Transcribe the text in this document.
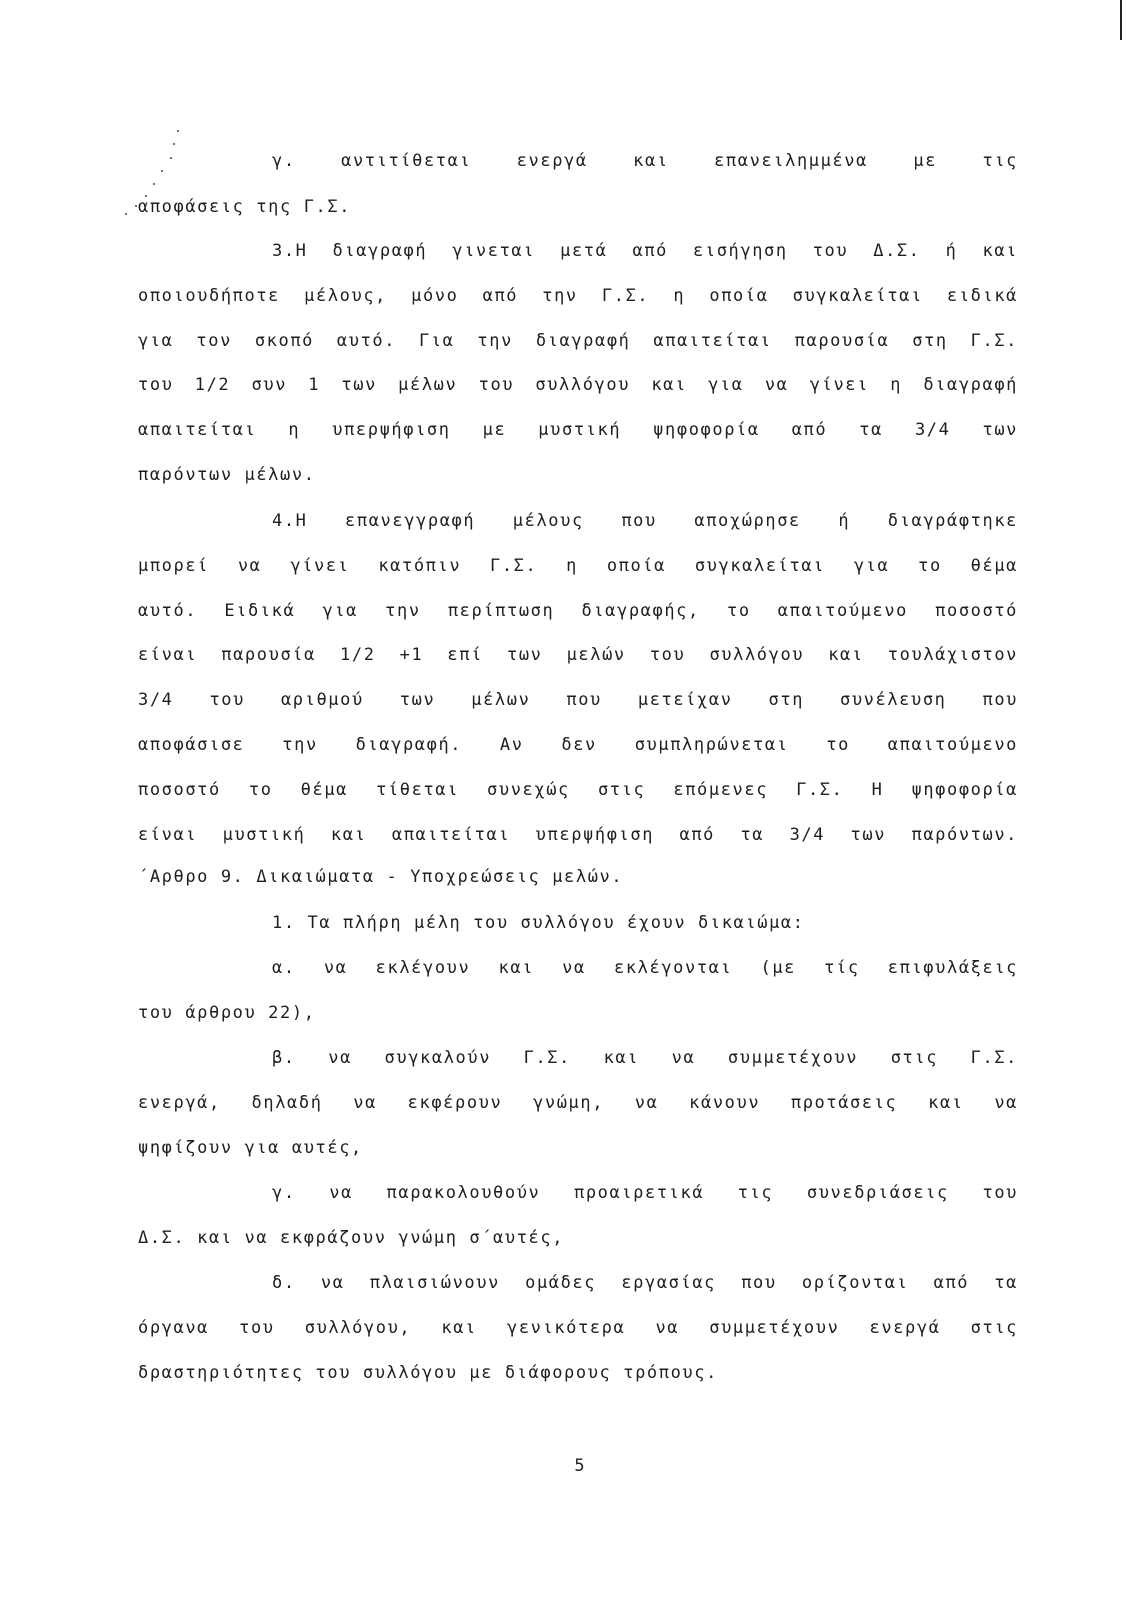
γ. αντιτίθεται ενεργά και επανειλημμένα με τις
αποφάσεις της Γ.Σ.
3.Η διαγραφή γινεται μετά από εισήγηση του Δ.Σ. ή και
οποιουδήποτε μέλους, μόνο από την Γ.Σ. η οποία συγκαλείται ειδικά
για τον σκοπό αυτό. Για την διαγραφή απαιτείται παρουσία στη Γ.Σ.
του 1/2 συν 1 των μέλων του συλλόγου και για να γίνει η διαγραφή
απαιτείται η υπερψήφιση με μυστική ψηφοφορία από τα 3/4 των
παρόντων μέλων.
4.Η επανεγγραφή μέλους που αποχώρησε ή διαγράφτηκε
μπορεί να γίνει κατόπιν Γ.Σ. η οποία συγκαλείται για το θέμα
αυτό. Ειδικά για την περίπτωση διαγραφής, το απαιτούμενο ποσοστό
είναι παρουσία 1/2 +1 επί των μελών του συλλόγου και τουλάχιστον
3/4 του αριθμού των μέλων που μετείχαν στη συνέλευση που
αποφάσισε την διαγραφή. Αν δεν συμπληρώνεται το απαιτούμενο
ποσοστό το θέμα τίθεται συνεχώς στις επόμενες Γ.Σ. Η ψηφοφορία
είναι μυστική και απαιτείται υπερψήφιση από τα 3/4 των παρόντων.
΄Αρθρο 9. Δικαιώματα - Υποχρεώσεις μελών.
1. Τα πλήρη μέλη του συλλόγου έχουν δικαιώμα:
α. να εκλέγουν και να εκλέγονται (με τίς επιφυλάξεις
του άρθρου 22),
β. να συγκαλούν Γ.Σ. και να συμμετέχουν στις Γ.Σ.
ενεργά, δηλαδή να εκφέρουν γνώμη, να κάνουν προτάσεις και να
ψηφίζουν για αυτές,
γ. να παρακολουθούν προαιρετικά τις συνεδριάσεις του
Δ.Σ. και να εκφράζουν γνώμη σ΄αυτές,
δ. να πλαισιώνουν ομάδες εργασίας που ορίζονται από τα
όργανα του συλλόγου, και γενικότερα να συμμετέχουν ενεργά στις
δραστηριότητες του συλλόγου με διάφορους τρόπους.
5
